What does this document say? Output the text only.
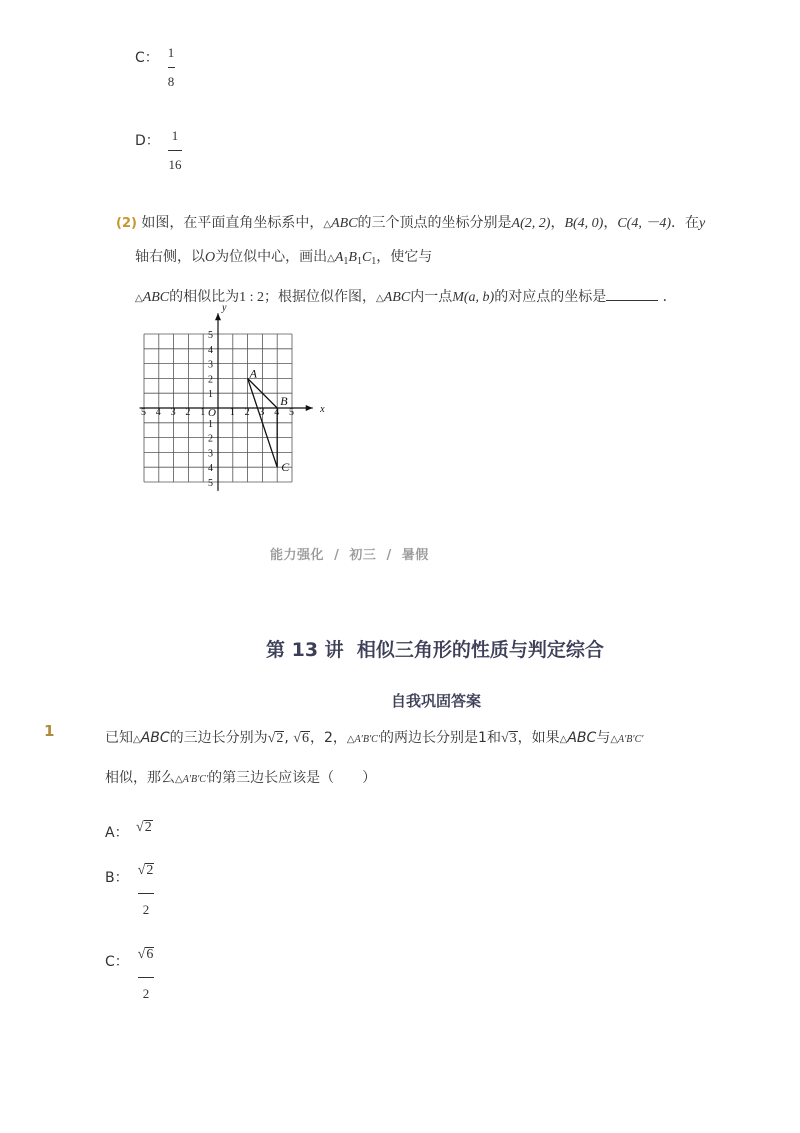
C： 1
8
D： 1
16
(2) 如图，在平面直角坐标系中，△ABC的三个顶点的坐标分别是A(2, 2)，B(4, 0)，C(4, －4)．在y
轴右侧，以O为位似中心，画出$\triangle A_1B_1C_1$，使它与
△ABC的相似比为1 : 2；根据位似作图，△ABC内一点M(a, b)的对应点的坐标是	．
x
y
O
5 4 3 2 1 1 2 3 4 5
5
4
3
2
1
1
2
3
4
5
A
B
C
能力强化 / 初三 / 暑假
第 13 讲  相似三角形的性质与判定综合
自我巩固答案
1	已知△ABC的三边长分别为√2, √6，2，△A′B′C′的两边长分别是1和√3，如果△ABC与△A′B′C′
相似，那么△A′B′C′的第三边长应该是（　　）
A： √2
B： √2
2
C： √6
2
